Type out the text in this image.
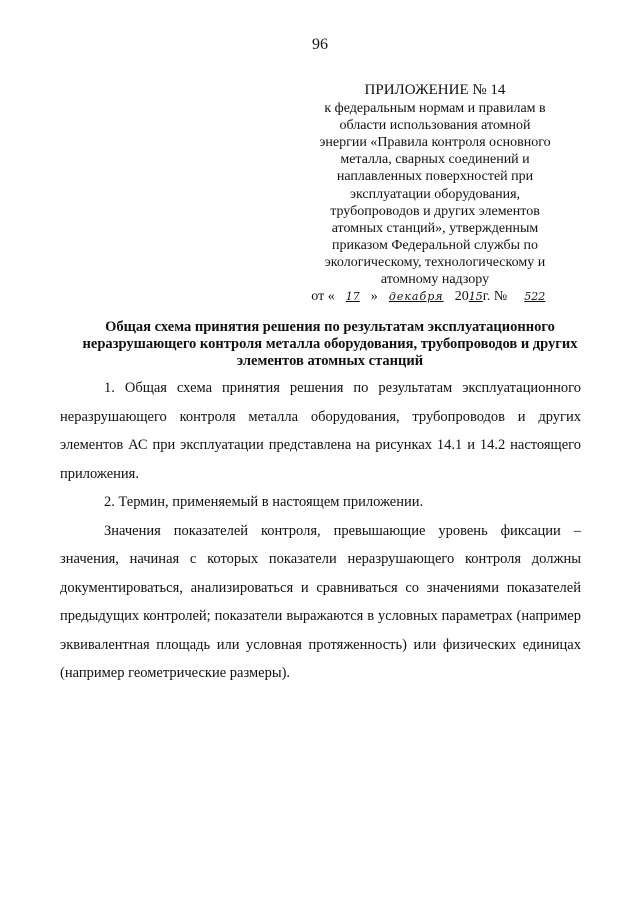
96
ПРИЛОЖЕНИЕ № 14
к федеральным нормам и правилам в
области использования атомной
энергии «Правила контроля основного
металла, сварных соединений и
наплавленных поверхностей при
эксплуатации оборудования,
трубопроводов и других элементов
атомных станций», утвержденным
приказом Федеральной службы по
экологическому, технологическому и
атомному надзору
от « 17 » декабря 2015г. № 522
Общая схема принятия решения по результатам эксплуатационного
неразрушающего контроля металла оборудования, трубопроводов и других
элементов атомных станций

1. Общая схема принятия решения по результатам эксплуатационного неразрушающего контроля металла оборудования, трубопроводов и других элементов АС при эксплуатации представлена на рисунках 14.1 и 14.2 настоящего приложения.

2. Термин, применяемый в настоящем приложении.

Значения показателей контроля, превышающие уровень фиксации – значения, начиная с которых показатели неразрушающего контроля должны документироваться, анализироваться и сравниваться со значениями показателей предыдущих контролей; показатели выражаются в условных параметрах (например эквивалентная площадь или условная протяженность) или физических единицах (например геометрические размеры).
